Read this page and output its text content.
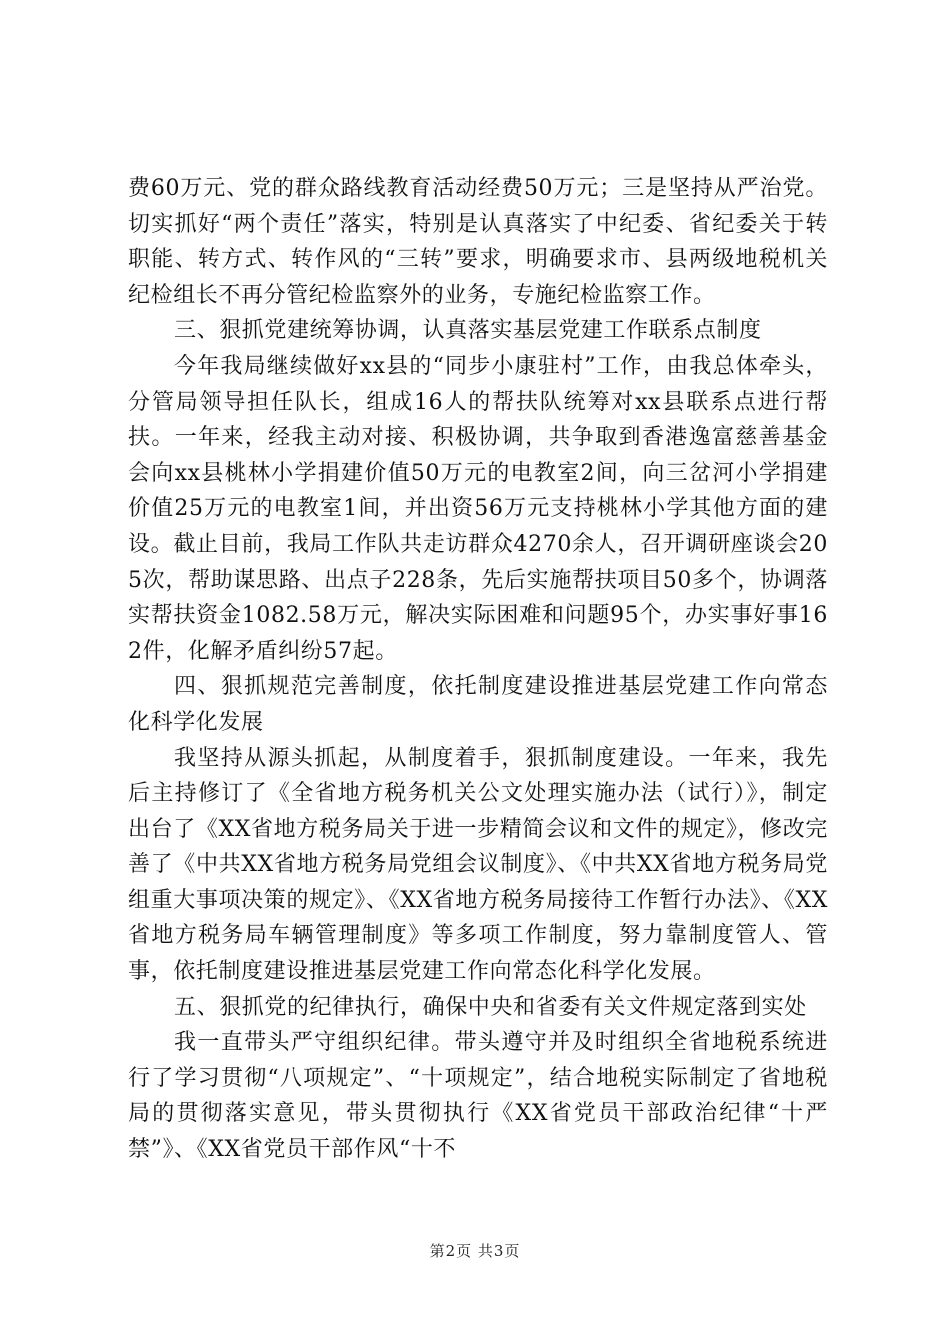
费60万元、党的群众路线教育活动经费50万元；三是坚持从严治党。切实抓好“两个责任”落实，特别是认真落实了中纪委、省纪委关于转职能、转方式、转作风的“三转”要求，明确要求市、县两级地税机关纪检组长不再分管纪检监察外的业务，专施纪检监察工作。

三、狠抓党建统筹协调，认真落实基层党建工作联系点制度

今年我局继续做好xx县的“同步小康驻村”工作，由我总体牵头，分管局领导担任队长，组成16人的帮扶队统筹对xx县联系点进行帮扶。一年来，经我主动对接、积极协调，共争取到香港逸富慈善基金会向xx县桃林小学捐建价值50万元的电教室2间，向三岔河小学捐建价值25万元的电教室1间，并出资56万元支持桃林小学其他方面的建设。截止目前，我局工作队共走访群众4270余人，召开调研座谈会205次，帮助谋思路、出点子228条，先后实施帮扶项目50多个，协调落实帮扶资金1082.58万元，解决实际困难和问题95个，办实事好事162件，化解矛盾纠纷57起。

四、狠抓规范完善制度，依托制度建设推进基层党建工作向常态化科学化发展

我坚持从源头抓起，从制度着手，狠抓制度建设。一年来，我先后主持修订了《全省地方税务机关公文处理实施办法（试行）》，制定出台了《XX省地方税务局关于进一步精简会议和文件的规定》，修改完善了《中共XX省地方税务局党组会议制度》、《中共XX省地方税务局党组重大事项决策的规定》、《XX省地方税务局接待工作暂行办法》、《XX省地方税务局车辆管理制度》等多项工作制度，努力靠制度管人、管事，依托制度建设推进基层党建工作向常态化科学化发展。

五、狠抓党的纪律执行，确保中央和省委有关文件规定落到实处

我一直带头严守组织纪律。带头遵守并及时组织全省地税系统进行了学习贯彻“八项规定”、“十项规定”，结合地税实际制定了省地税局的贯彻落实意见，带头贯彻执行《XX省党员干部政治纪律“十严禁”》、《XX省党员干部作风“十不

第2页 共3页
